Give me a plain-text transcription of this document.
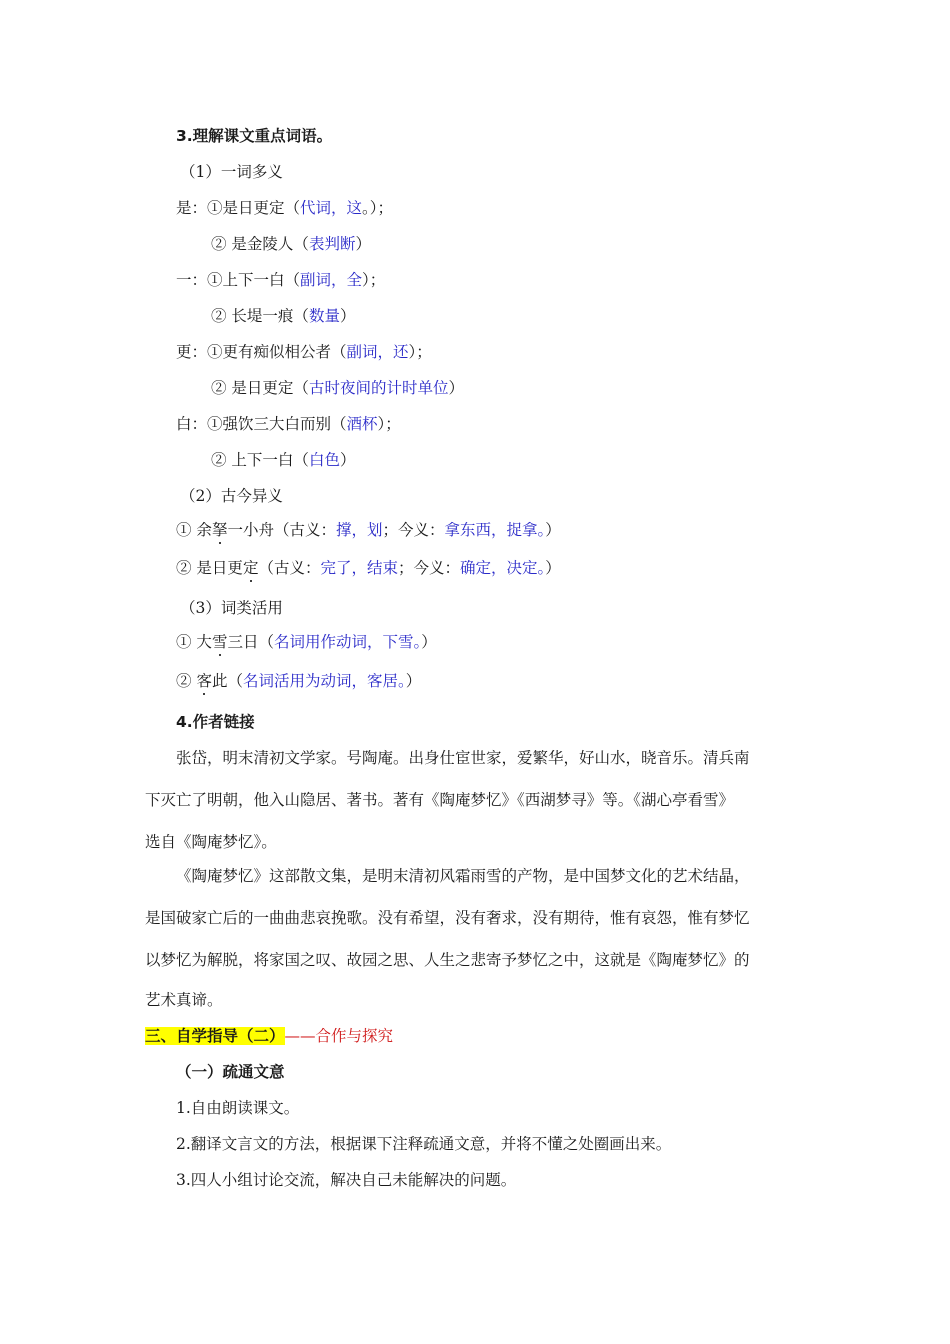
3.理解课文重点词语。
（1）一词多义
是：①是日更定（代词，这。）；
② 是金陵人（表判断）
一：①上下一白（副词，全）；
② 长堤一痕（数量）
更：①更有痴似相公者（副词，还）；
② 是日更定（古时夜间的计时单位）
白：①强饮三大白而别（酒杯）；
② 上下一白（白色）
（2）古今异义
① 余拏一小舟（古义：撑，划；今义：拿东西，捉拿。）
② 是日更定（古义：完了，结束；今义：确定，决定。）
（3）词类活用
① 大雪三日（名词用作动词，下雪。）
② 客此（名词活用为动词，客居。）
4.作者链接
张岱，明末清初文学家。号陶庵。出身仕宦世家，爱繁华，好山水，晓音乐。清兵南
下灭亡了明朝，他入山隐居、著书。著有《陶庵梦忆》《西湖梦寻》等。《湖心亭看雪》
选自《陶庵梦忆》。
《陶庵梦忆》这部散文集，是明末清初风霜雨雪的产物，是中国梦文化的艺术结晶，
是国破家亡后的一曲曲悲哀挽歌。没有希望，没有奢求，没有期待，惟有哀怨，惟有梦忆
以梦忆为解脱，将家国之叹、故园之思、人生之悲寄予梦忆之中，这就是《陶庵梦忆》的
艺术真谛。
三、自学指导（二）——合作与探究
（一）疏通文意
1.自由朗读课文。
2.翻译文言文的方法，根据课下注释疏通文意，并将不懂之处圈画出来。
3.四人小组讨论交流，解决自己未能解决的问题。
